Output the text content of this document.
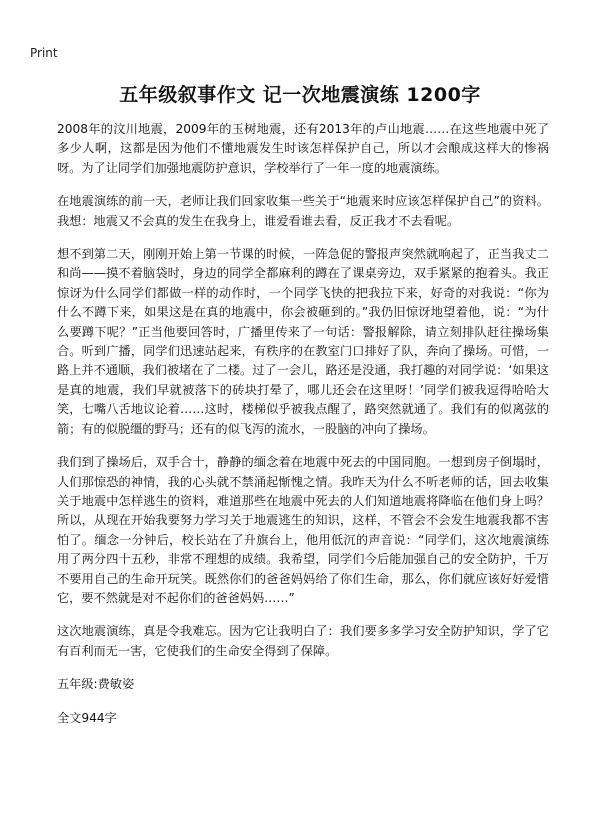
Print
五年级叙事作文 记一次地震演练 1200字

2008年的汶川地震，2009年的玉树地震，还有2013年的卢山地震……在这些地震中死了多少人啊，这都是因为他们不懂地震发生时该怎样保护自己，所以才会酿成这样大的惨祸呀。为了让同学们加强地震防护意识，学校举行了一年一度的地震演练。

在地震演练的前一天，老师让我们回家收集一些关于“地震来时应该怎样保护自己”的资料。我想：地震又不会真的发生在我身上，谁爱看谁去看，反正我才不去看呢。

想不到第二天，刚刚开始上第一节课的时候，一阵急促的警报声突然就响起了，正当我丈二和尚——摸不着脑袋时，身边的同学全都麻利的蹲在了课桌旁边，双手紧紧的抱着头。我正惊讶为什么同学们都做一样的动作时，一个同学飞快的把我拉下来，好奇的对我说：“你为什么不蹲下来，如果这是在真的地震中，你会被砸到的。”我仍旧惊讶地望着他，说：“为什么要蹲下呢？”正当他要回答时，广播里传来了一句话：警报解除，请立刻排队赶往操场集合。听到广播，同学们迅速站起来，有秩序的在教室门口排好了队，奔向了操场。可惜，一路上并不通顺，我们被堵在了二楼。过了一会儿，路还是没通，我打趣的对同学说：‘如果这是真的地震，我们早就被落下的砖块打晕了，哪儿还会在这里呀！’同学们被我逗得哈哈大笑，七嘴八舌地议论着……这时，楼梯似乎被我点醒了，路突然就通了。我们有的似离弦的箭；有的似脱缰的野马；还有的似飞泻的流水，一股脑的冲向了操场。

我们到了操场后，双手合十，静静的缅念着在地震中死去的中国同胞。一想到房子倒塌时，人们那惊恐的神情，我的心头就不禁涌起惭愧之情。我昨天为什么不听老师的话，回去收集关于地震中怎样逃生的资料，难道那些在地震中死去的人们知道地震将降临在他们身上吗？所以，从现在开始我要努力学习关于地震逃生的知识，这样，不管会不会发生地震我都不害怕了。缅念一分钟后，校长站在了升旗台上，他用低沉的声音说：“同学们，这次地震演练用了两分四十五秒，非常不理想的成绩。我希望，同学们今后能加强自己的安全防护，千万不要用自己的生命开玩笑。既然你们的爸爸妈妈给了你们生命，那么，你们就应该好好爱惜它，要不然就是对不起你们的爸爸妈妈……”

这次地震演练，真是令我难忘。因为它让我明白了：我们要多多学习安全防护知识，学了它有百利而无一害，它使我们的生命安全得到了保障。

五年级:费敏姿
全文944字
